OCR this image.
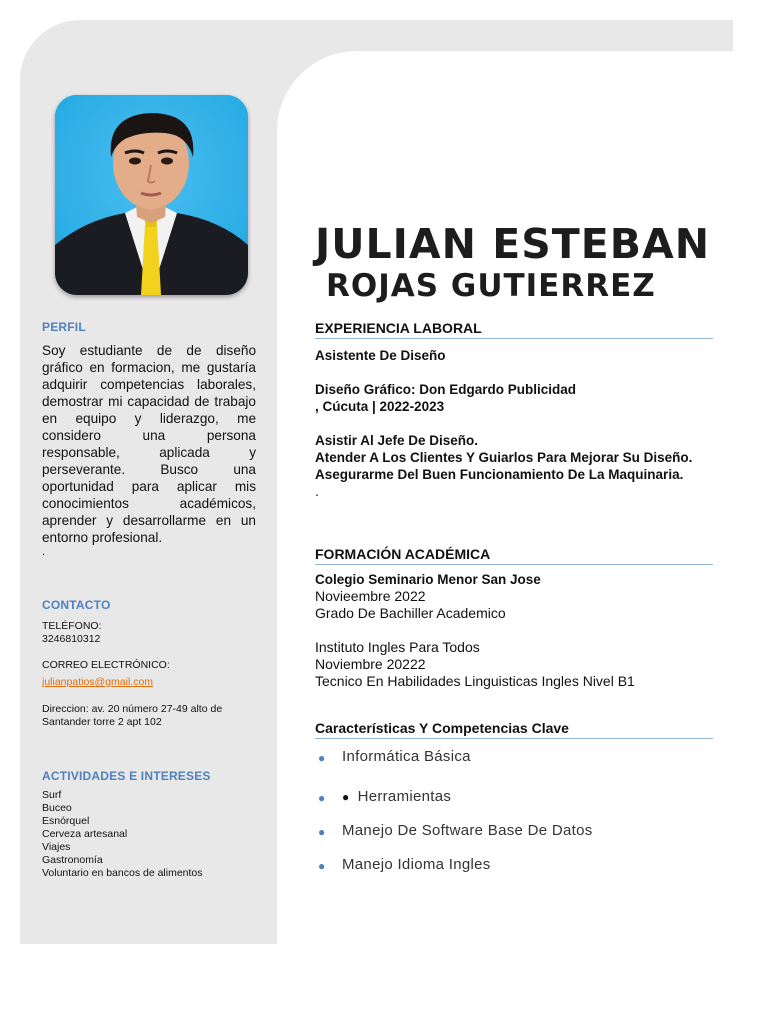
PERFIL

Soy estudiante de de diseño gráfico en formacion, me gustaría adquirir competencias laborales, demostrar mi capacidad de trabajo en equipo y liderazgo, me considero una persona responsable, aplicada y perseverante. Busco una oportunidad para aplicar mis conocimientos académicos, aprender y desarrollarme en un entorno profesional.

.
CONTACTO
TELÉFONO:
3246810312
CORREO ELECTRÓNICO:
julianpatios@gmail.com
Direccion: av. 20 número 27-49 alto de Santander torre 2 apt 102
ACTIVIDADES E INTERESES
Surf
Buceo
Esnórquel
Cerveza artesanal
Viajes
Gastronomía
Voluntario en bancos de alimentos
JULIAN ESTEBAN
ROJAS GUTIERREZ
EXPERIENCIA LABORAL
Asistente De Diseño
Diseño Gráfico: Don Edgardo Publicidad
, Cúcuta | 2022-2023
Asistir Al Jefe De Diseño.
Atender A Los Clientes Y Guiarlos Para Mejorar Su Diseño.
Asegurarme Del Buen Funcionamiento De La Maquinaria.
.
FORMACIÓN ACADÉMICA
Colegio Seminario Menor San Jose
Novieembre 2022
Grado De Bachiller Academico
Instituto Ingles Para Todos
Noviembre 20222
Tecnico En Habilidades Linguisticas Ingles Nivel B1
Características Y Competencias Clave
● Informática Básica
● ● Herramientas
● Manejo De Software Base De Datos
● Manejo Idioma Ingles
